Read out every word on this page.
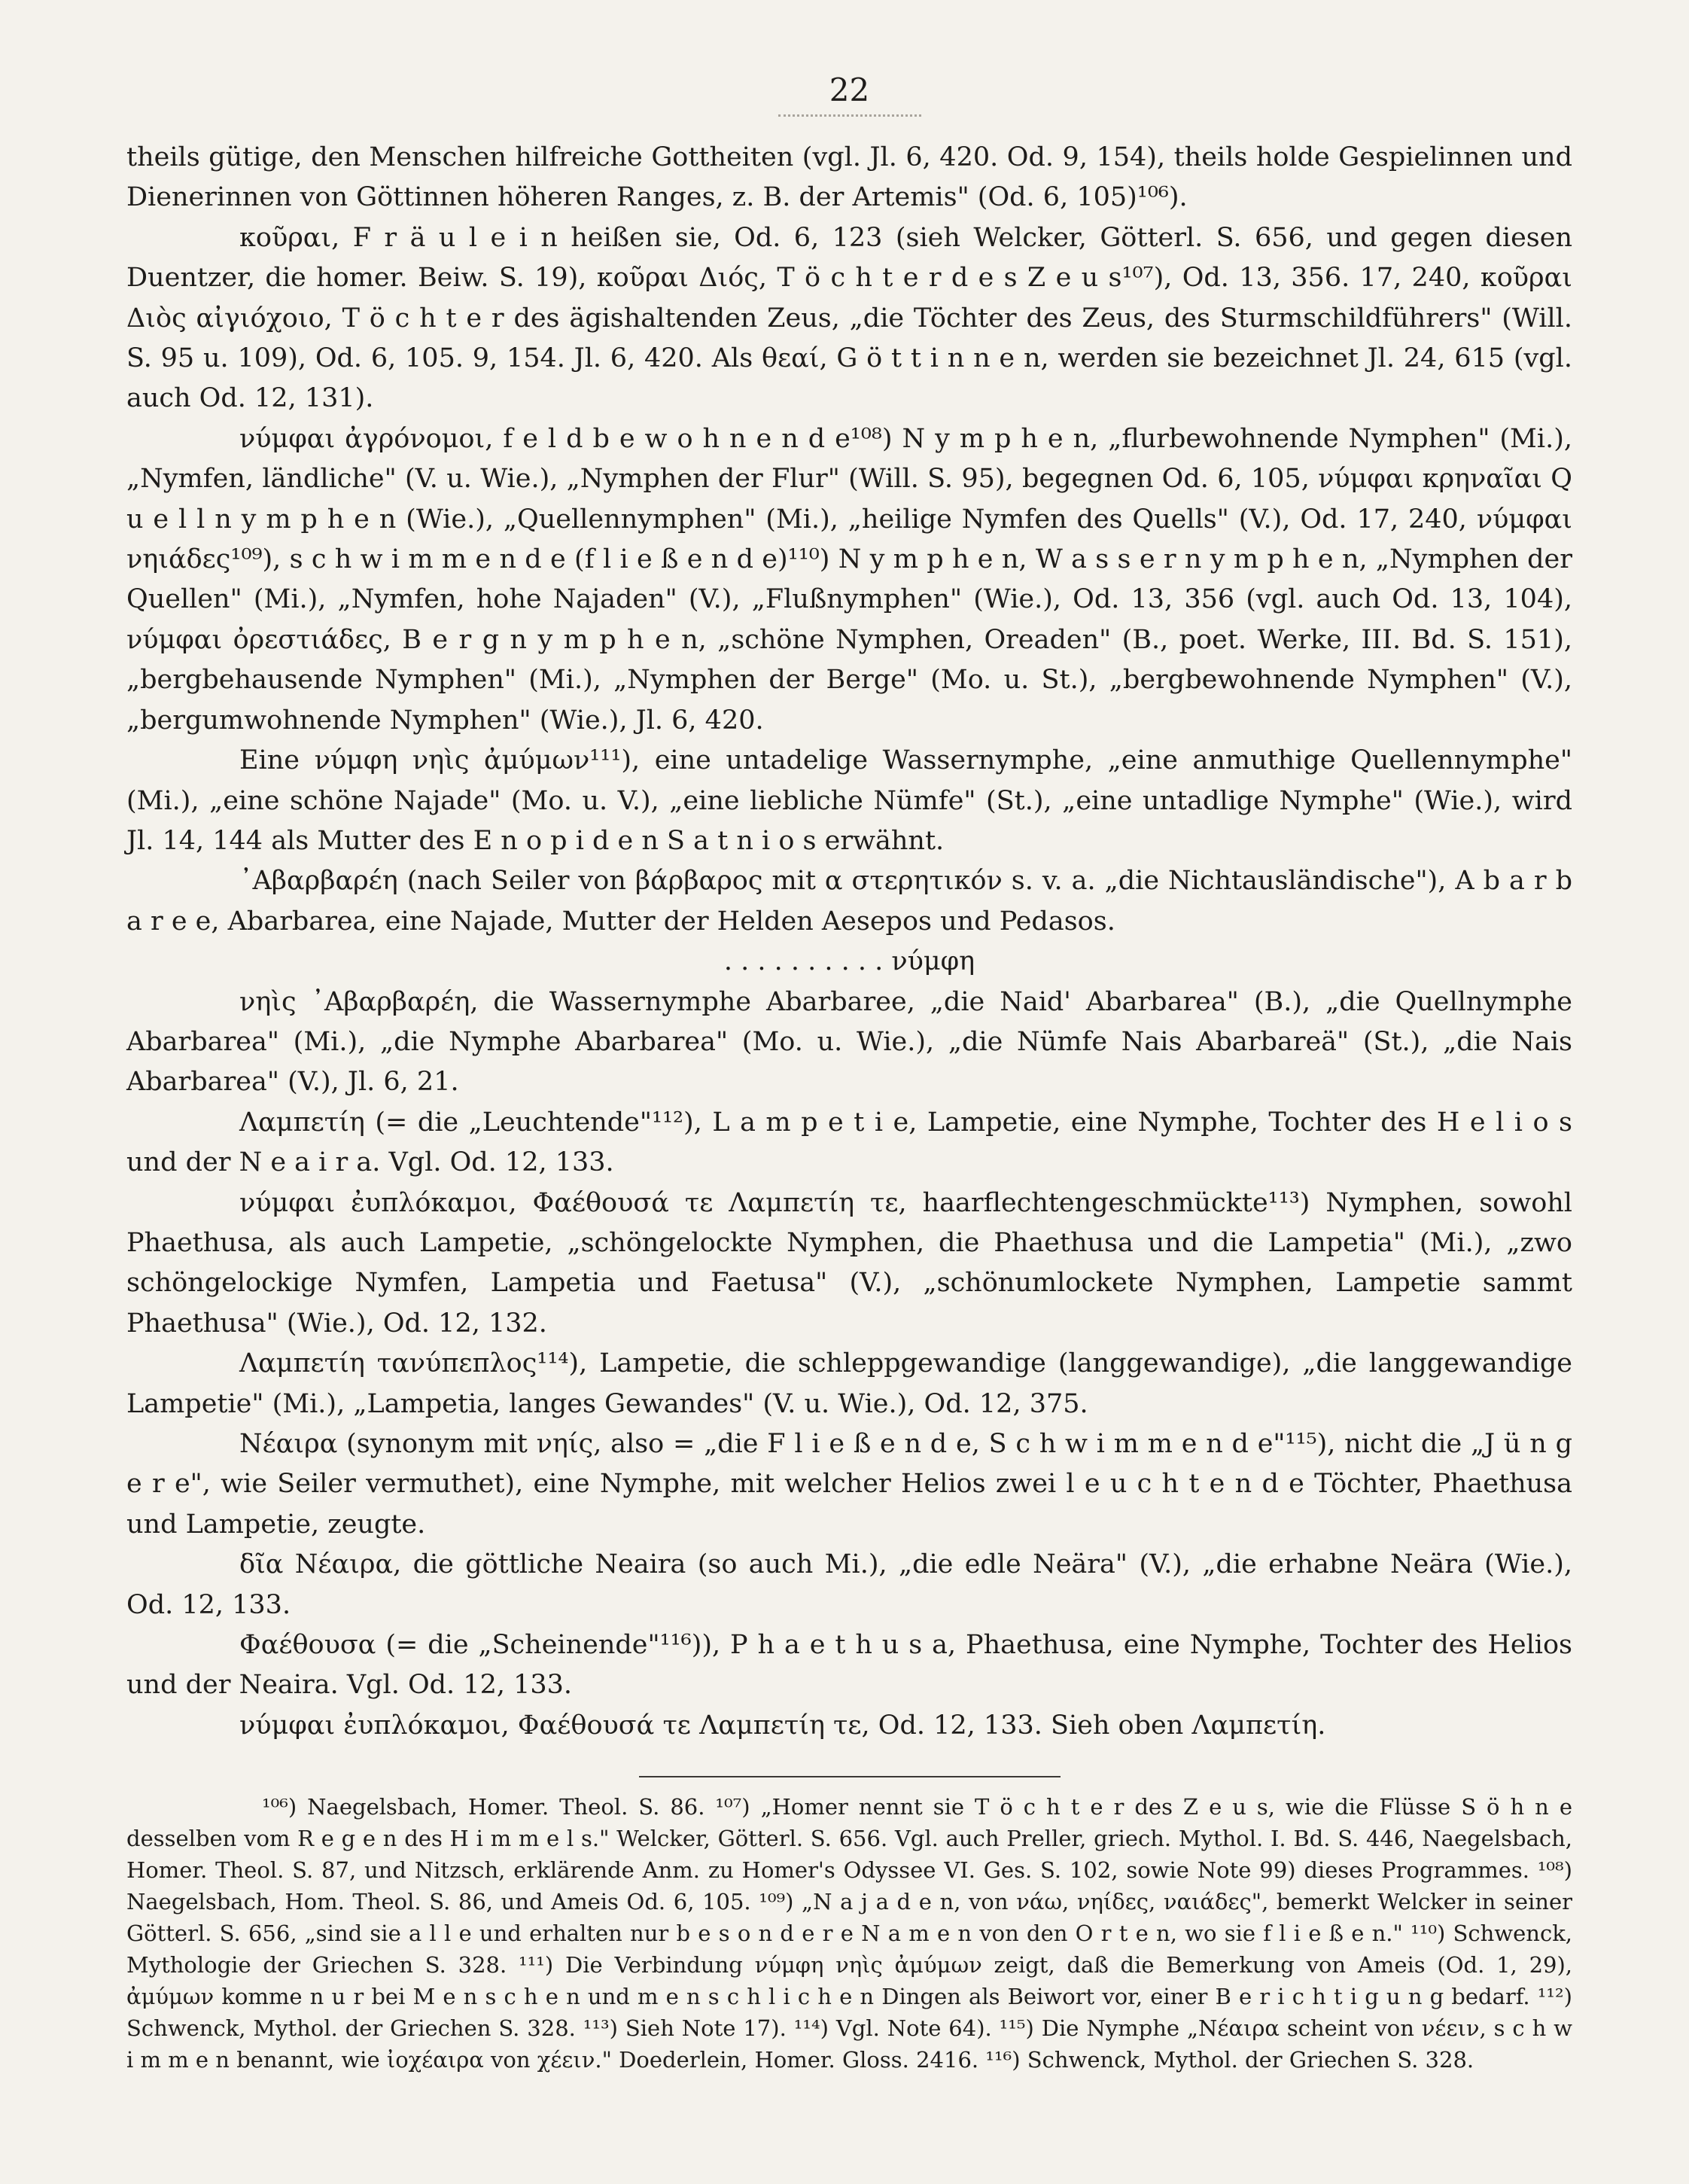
22

theils gütige, den Menschen hilfreiche Gottheiten (vgl. Jl. 6, 420. Od. 9, 154), theils holde Gespielinnen und Dienerinnen von Göttinnen höheren Ranges, z. B. der Artemis" (Od. 6, 105)¹⁰⁶).

κοῦραι, F r ä u l e i n heißen sie, Od. 6, 123 (sieh Welcker, Götterl. S. 656, und gegen diesen Duentzer, die homer. Beiw. S. 19), κοῦραι Διός, T ö c h t e r d e s Z e u s¹⁰⁷), Od. 13, 356. 17, 240, κοῦραι Διὸς αἰγιόχοιο, T ö c h t e r des ägishaltenden Zeus, „die Töchter des Zeus, des Sturmschildführers" (Will. S. 95 u. 109), Od. 6, 105. 9, 154. Jl. 6, 420. Als θεαί, G ö t t i n n e n, werden sie bezeichnet Jl. 24, 615 (vgl. auch Od. 12, 131).

νύμφαι ἀγρόνομοι, f e l d b e w o h n e n d e¹⁰⁸) N y m p h e n, „flurbewohnende Nymphen" (Mi.), „Nymfen, ländliche" (V. u. Wie.), „Nymphen der Flur" (Will. S. 95), begegnen Od. 6, 105, νύμφαι κρηναῖαι Q u e l l n y m p h e n (Wie.), „Quellennymphen" (Mi.), „heilige Nymfen des Quells" (V.), Od. 17, 240, νύμφαι νηιάδες¹⁰⁹), s c h w i m m e n d e (f l i e ß e n d e)¹¹⁰) N y m p h e n, W a s s e r n y m p h e n, „Nymphen der Quellen" (Mi.), „Nymfen, hohe Najaden" (V.), „Flußnymphen" (Wie.), Od. 13, 356 (vgl. auch Od. 13, 104), νύμφαι ὀρεστιάδες, B e r g n y m p h e n, „schöne Nymphen, Oreaden" (B., poet. Werke, III. Bd. S. 151), „bergbehausende Nymphen" (Mi.), „Nymphen der Berge" (Mo. u. St.), „bergbewohnende Nymphen" (V.), „bergumwohnende Nymphen" (Wie.), Jl. 6, 420.

Eine νύμφη νηὶς ἀμύμων¹¹¹), eine untadelige Wassernymphe, „eine anmuthige Quellennymphe" (Mi.), „eine schöne Najade" (Mo. u. V.), „eine liebliche Nümfe" (St.), „eine untadlige Nymphe" (Wie.), wird Jl. 14, 144 als Mutter des E n o p i d e n S a t n i o s erwähnt.

᾿Αβαρβαρέη (nach Seiler von βάρβαρος mit α στερητικόν s. v. a. „die Nichtausländische"), A b a r b a r e e, Abarbarea, eine Najade, Mutter der Helden Aesepos und Pedasos.

. . . . . . . . . . νύμφη

νηὶς ᾿Αβαρβαρέη, die Wassernymphe Abarbaree, „die Naid' Abarbarea" (B.), „die Quellnymphe Abarbarea" (Mi.), „die Nymphe Abarbarea" (Mo. u. Wie.), „die Nümfe Nais Abarbareä" (St.), „die Nais Abarbarea" (V.), Jl. 6, 21.

Λαμπετίη (= die „Leuchtende"¹¹²), L a m p e t i e, Lampetie, eine Nymphe, Tochter des H e l i o s und der N e a i r a. Vgl. Od. 12, 133.

νύμφαι ἐυπλόκαμοι, Φαέθουσά τε Λαμπετίη τε, haarflechtengeschmückte¹¹³) Nymphen, sowohl Phaethusa, als auch Lampetie, „schöngelockte Nymphen, die Phaethusa und die Lampetia" (Mi.), „zwo schöngelockige Nymfen, Lampetia und Faetusa" (V.), „schönumlockete Nymphen, Lampetie sammt Phaethusa" (Wie.), Od. 12, 132.

Λαμπετίη τανύπεπλος¹¹⁴), Lampetie, die schleppgewandige (langgewandige), „die langgewandige Lampetie" (Mi.), „Lampetia, langes Gewandes" (V. u. Wie.), Od. 12, 375.

Νέαιρα (synonym mit νηίς, also = „die F l i e ß e n d e, S c h w i m m e n d e"¹¹⁵), nicht die „J ü n g e r e", wie Seiler vermuthet), eine Nymphe, mit welcher Helios zwei l e u c h t e n d e Töchter, Phaethusa und Lampetie, zeugte.

δῖα Νέαιρα, die göttliche Neaira (so auch Mi.), „die edle Neära" (V.), „die erhabne Neära (Wie.), Od. 12, 133.

Φαέθουσα (= die „Scheinende"¹¹⁶)), P h a e t h u s a, Phaethusa, eine Nymphe, Tochter des Helios und der Neaira. Vgl. Od. 12, 133.

νύμφαι ἐυπλόκαμοι, Φαέθουσά τε Λαμπετίη τε, Od. 12, 133. Sieh oben Λαμπετίη.

¹⁰⁶) Naegelsbach, Homer. Theol. S. 86. ¹⁰⁷) „Homer nennt sie T ö c h t e r des Z e u s, wie die Flüsse S ö h n e desselben vom R e g e n des H i m m e l s." Welcker, Götterl. S. 656. Vgl. auch Preller, griech. Mythol. I. Bd. S. 446, Naegelsbach, Homer. Theol. S. 87, und Nitzsch, erklärende Anm. zu Homer's Odyssee VI. Ges. S. 102, sowie Note 99) dieses Programmes. ¹⁰⁸) Naegelsbach, Hom. Theol. S. 86, und Ameis Od. 6, 105. ¹⁰⁹) „N a j a d e n, von νάω, νηίδες, ναιάδες", bemerkt Welcker in seiner Götterl. S. 656, „sind sie a l l e und erhalten nur b e s o n d e r e N a m e n von den O r t e n, wo sie f l i e ß e n." ¹¹⁰) Schwenck, Mythologie der Griechen S. 328. ¹¹¹) Die Verbindung νύμφη νηὶς ἀμύμων zeigt, daß die Bemerkung von Ameis (Od. 1, 29), ἀμύμων komme n u r bei M e n s c h e n und m e n s c h l i c h e n Dingen als Beiwort vor, einer B e r i c h t i g u n g bedarf. ¹¹²) Schwenck, Mythol. der Griechen S. 328. ¹¹³) Sieh Note 17). ¹¹⁴) Vgl. Note 64). ¹¹⁵) Die Nymphe „Νέαιρα scheint von νέειν, s c h w i m m e n benannt, wie ἰοχέαιρα von χέειν." Doederlein, Homer. Gloss. 2416. ¹¹⁶) Schwenck, Mythol. der Griechen S. 328.
